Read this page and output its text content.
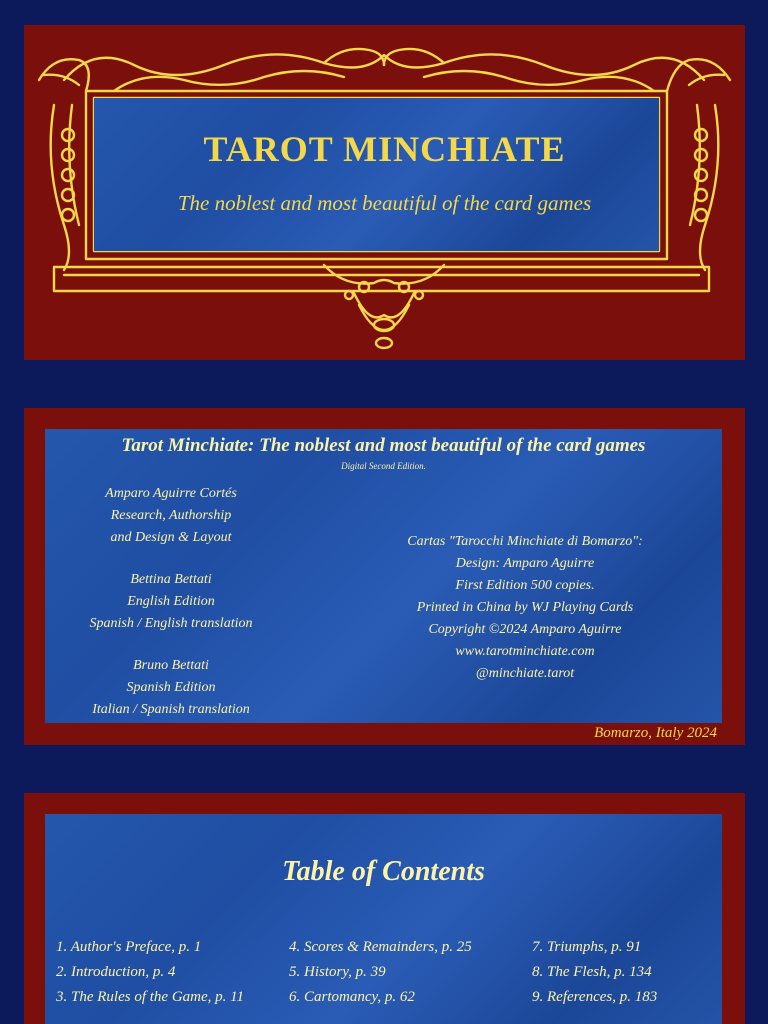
TAROT MINCHIATE

The noblest and most beautiful of the card games

Tarot Minchiate: The noblest and most beautiful of the card games

Digital Second Edition.

Amparo Aguirre Cortés
Research, Authorship
and Design & Layout
Bettina Bettati
English Edition
Spanish / English translation
Bruno Bettati
Spanish Edition
Italian / Spanish translation
Cartas "Tarocchi Minchiate di Bomarzo":
Design: Amparo Aguirre
First Edition 500 copies.
Printed in China by WJ Playing Cards
Copyright ©2024 Amparo Aguirre
www.tarotminchiate.com
@minchiate.tarot

Bomarzo, Italy 2024

Table of Contents
1. Author's Preface, p. 1
2. Introduction, p. 4
3. The Rules of the Game, p. 11
4. Scores & Remainders, p. 25
5. History, p. 39
6. Cartomancy, p. 62
7. Triumphs, p. 91
8. The Flesh, p. 134
9. References, p. 183
